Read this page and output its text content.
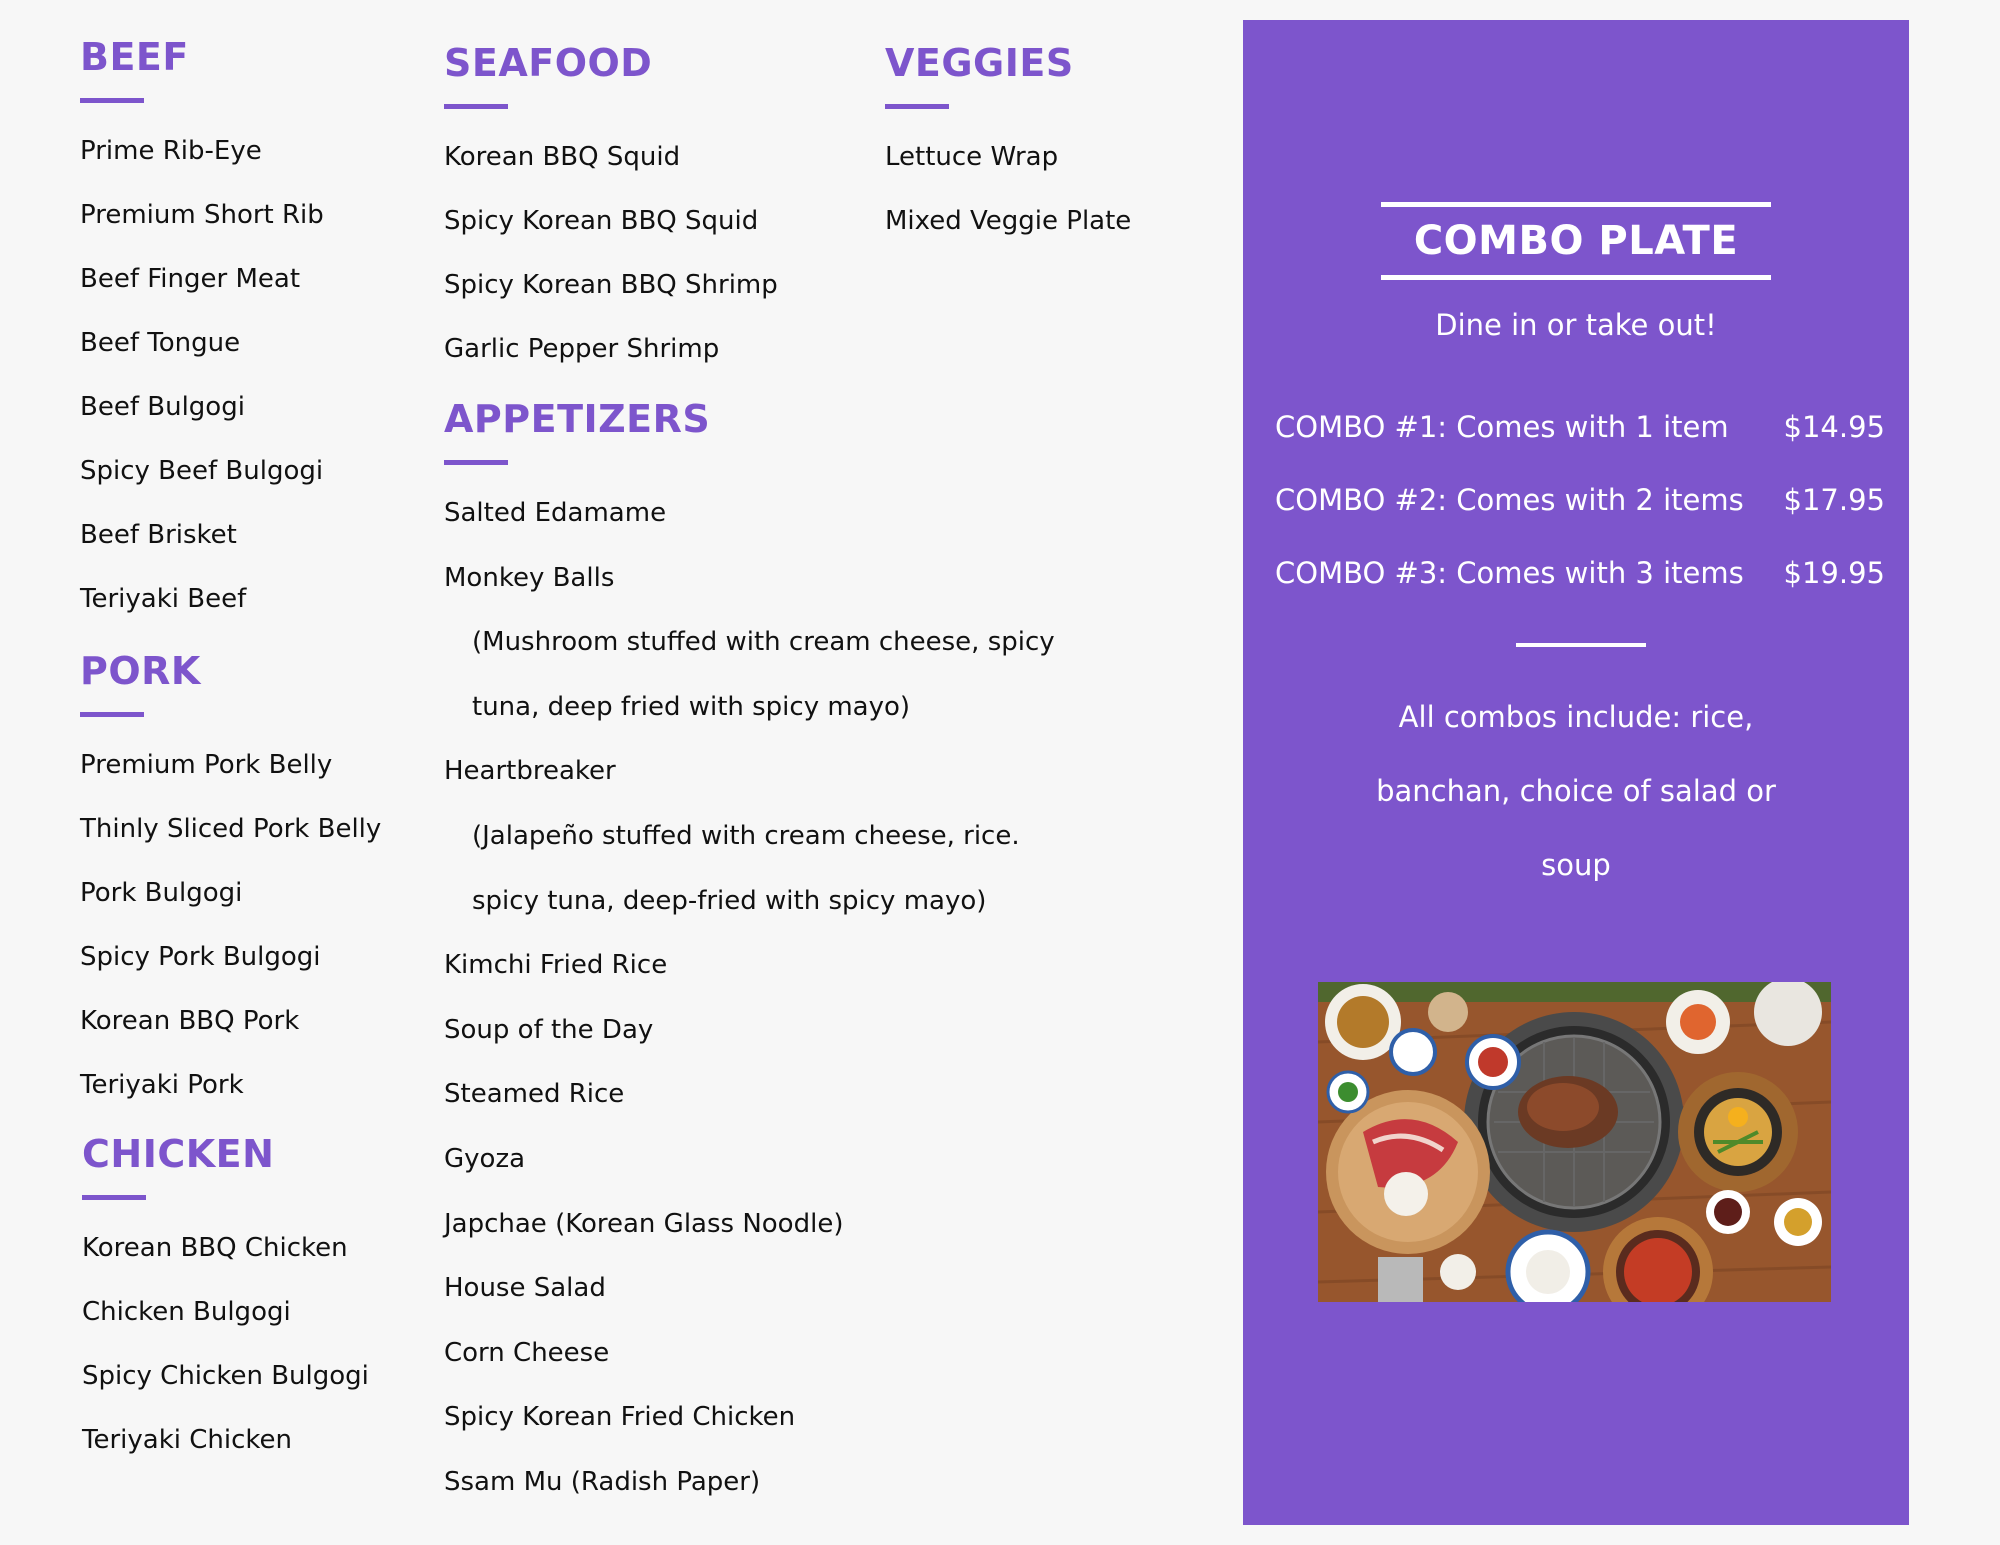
BEEF
Prime Rib-Eye
Premium Short Rib
Beef Finger Meat
Beef Tongue
Beef Bulgogi
Spicy Beef Bulgogi
Beef Brisket
Teriyaki Beef
PORK
Premium Pork Belly
Thinly Sliced Pork Belly
Pork Bulgogi
Spicy Pork Bulgogi
Korean BBQ Pork
Teriyaki Pork
CHICKEN
Korean BBQ Chicken
Chicken Bulgogi
Spicy Chicken Bulgogi
Teriyaki Chicken
SEAFOOD
Korean BBQ Squid
Spicy Korean BBQ Squid
Spicy Korean BBQ Shrimp
Garlic Pepper Shrimp
APPETIZERS
Salted Edamame
Monkey Balls
(Mushroom stuffed with cream cheese, spicy
tuna, deep fried with spicy mayo)
Heartbreaker
(Jalapeño stuffed with cream cheese, rice.
spicy tuna, deep-fried with spicy mayo)
Kimchi Fried Rice
Soup of the Day
Steamed Rice
Gyoza
Japchae (Korean Glass Noodle)
House Salad
Corn Cheese
Spicy Korean Fried Chicken
Ssam Mu (Radish Paper)
VEGGIES
Lettuce Wrap
Mixed Veggie Plate	COMBO PLATE
Dine in or take out!
COMBO #1: Comes with 1 item $14.95
COMBO #2: Comes with 2 items $17.95
COMBO #3: Comes with 3 items $19.95
All combos include: rice,
banchan, choice of salad or
soup
